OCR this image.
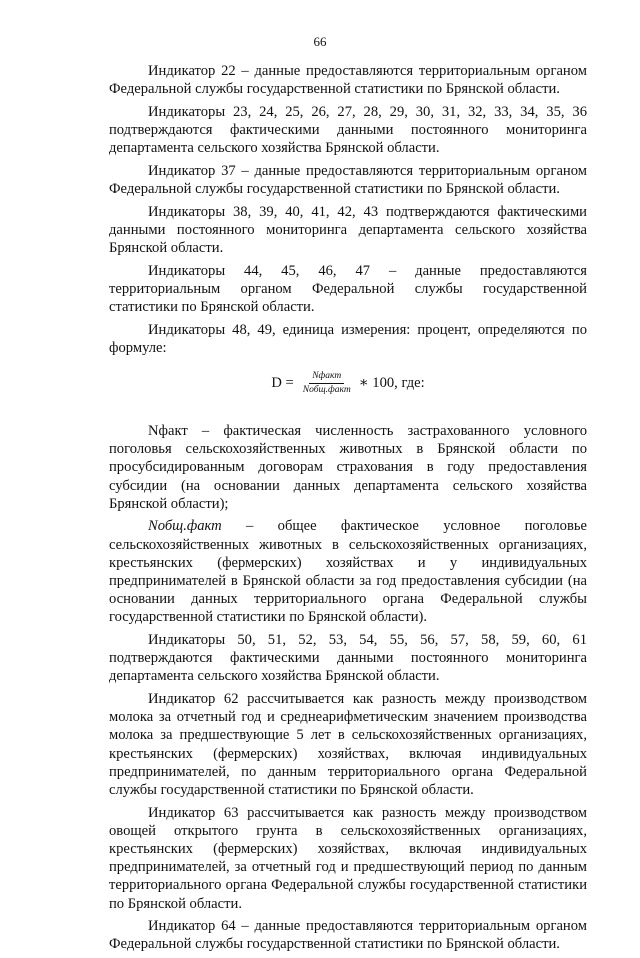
66

Индикатор 22 – данные предоставляются территориальным органом Федеральной службы государственной статистики по Брянской области.

Индикаторы 23, 24, 25, 26, 27, 28, 29, 30, 31, 32, 33, 34, 35, 36 подтверждаются фактическими данными постоянного мониторинга департамента сельского хозяйства Брянской области.

Индикатор 37 – данные предоставляются территориальным органом Федеральной службы государственной статистики по Брянской области.

Индикаторы 38, 39, 40, 41, 42, 43 подтверждаются фактическими данными постоянного мониторинга департамента сельского хозяйства Брянской области.

Индикаторы 44, 45, 46, 47 – данные предоставляются территориальным органом Федеральной службы государственной статистики по Брянской области.

Индикаторы 48, 49, единица измерения: процент, определяются по формуле:

$D = \frac{\text{Nфакт}}{\text{Nобщ.факт}}$ ∗ 100, где:

Nфакт – фактическая численность застрахованного условного поголовья сельскохозяйственных животных в Брянской области по просубсидированным договорам страхования в году предоставления субсидии (на основании данных департамента сельского хозяйства Брянской области);

Nобщ.факт – общее фактическое условное поголовье сельскохозяйственных животных в сельскохозяйственных организациях, крестьянских (фермерских) хозяйствах и у индивидуальных предпринимателей в Брянской области за год предоставления субсидии (на основании данных территориального органа Федеральной службы государственной статистики по Брянской области).

Индикаторы 50, 51, 52, 53, 54, 55, 56, 57, 58, 59, 60, 61 подтверждаются фактическими данными постоянного мониторинга департамента сельского хозяйства Брянской области.

Индикатор 62 рассчитывается как разность между производством молока за отчетный год и среднеарифметическим значением производства молока за предшествующие 5 лет в сельскохозяйственных организациях, крестьянских (фермерских) хозяйствах, включая индивидуальных предпринимателей, по данным территориального органа Федеральной службы государственной статистики по Брянской области.

Индикатор 63 рассчитывается как разность между производством овощей открытого грунта в сельскохозяйственных организациях, крестьянских (фермерских) хозяйствах, включая индивидуальных предпринимателей, за отчетный год и предшествующий период по данным территориального органа Федеральной службы государственной статистики по Брянской области.

Индикатор 64 – данные предоставляются территориальным органом Федеральной службы государственной статистики по Брянской области.
